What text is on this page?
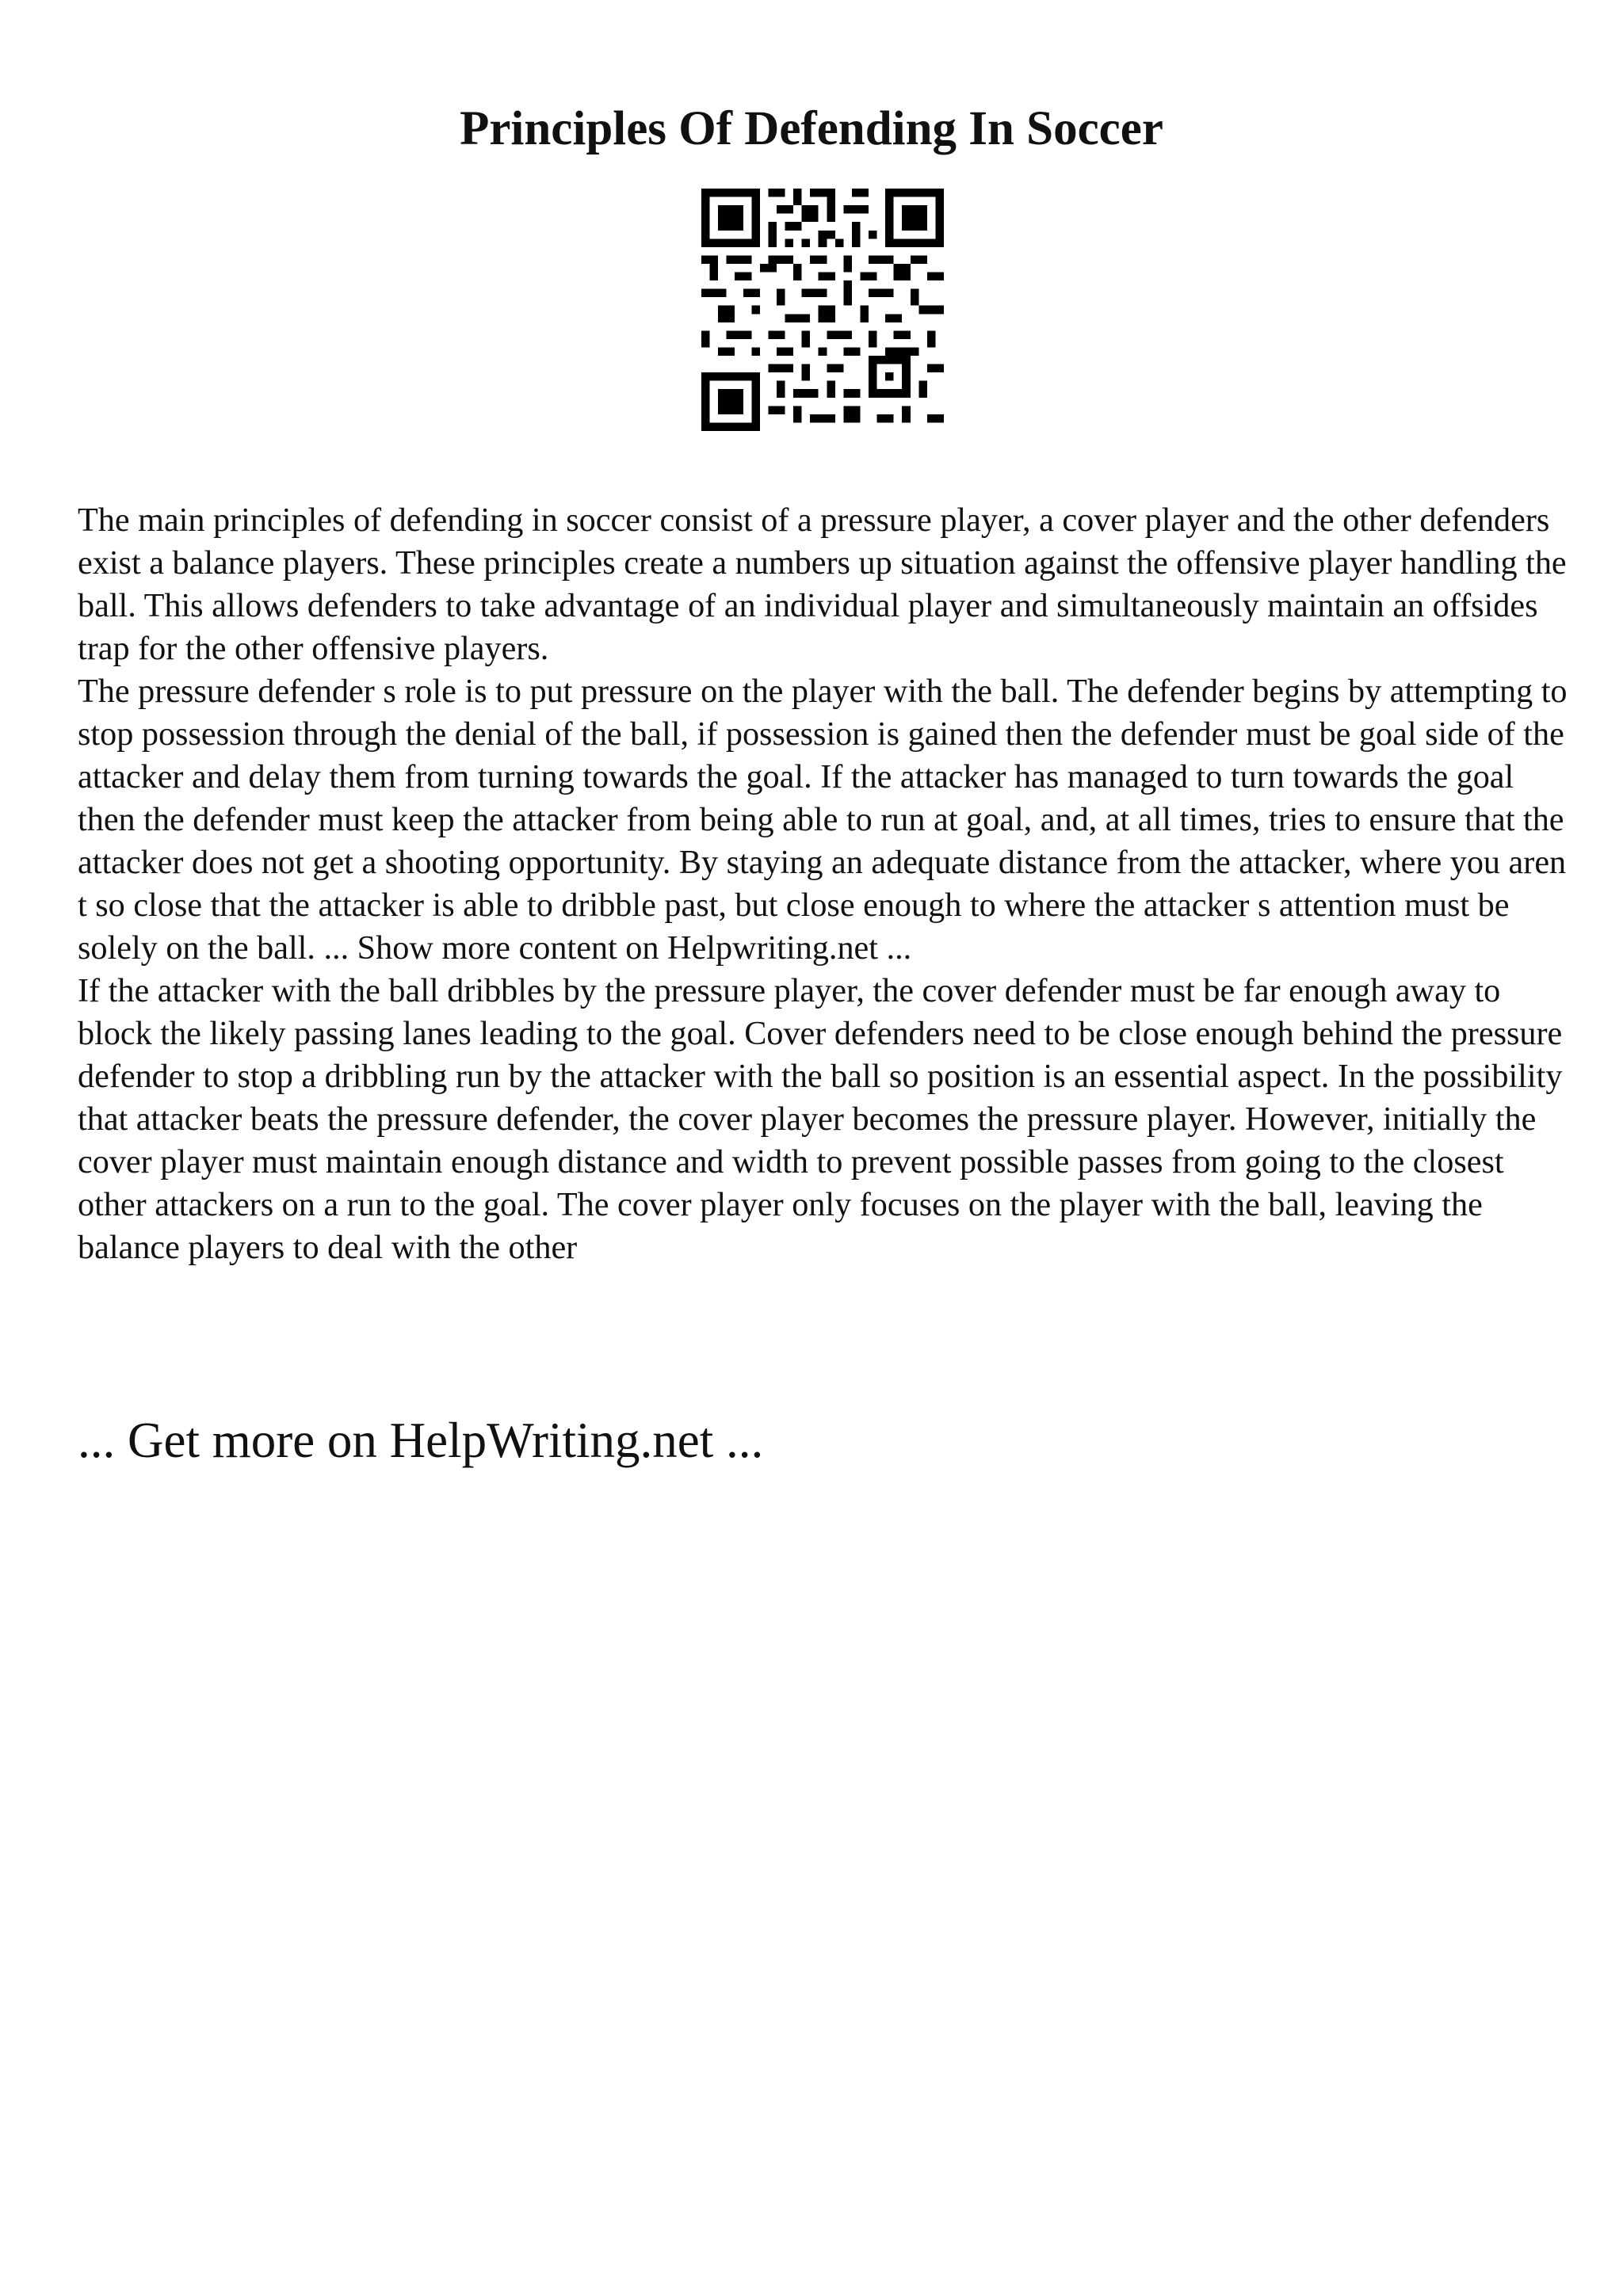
Principles Of Defending In Soccer

The main principles of defending in soccer consist of a pressure player, a cover player and the other defenders exist a balance players. These principles create a numbers up situation against the offensive player handling the ball. This allows defenders to take advantage of an individual player and simultaneously maintain an offsides trap for the other offensive players.

The pressure defender s role is to put pressure on the player with the ball. The defender begins by attempting to stop possession through the denial of the ball, if possession is gained then the defender must be goal side of the attacker and delay them from turning towards the goal. If the attacker has managed to turn towards the goal then the defender must keep the attacker from being able to run at goal, and, at all times, tries to ensure that the attacker does not get a shooting opportunity. By staying an adequate distance from the attacker, where you aren t so close that the attacker is able to dribble past, but close enough to where the attacker s attention must be solely on the ball. ... Show more content on Helpwriting.net ...

If the attacker with the ball dribbles by the pressure player, the cover defender must be far enough away to block the likely passing lanes leading to the goal. Cover defenders need to be close enough behind the pressure defender to stop a dribbling run by the attacker with the ball so position is an essential aspect. In the possibility that attacker beats the pressure defender, the cover player becomes the pressure player. However, initially the cover player must maintain enough distance and width to prevent possible passes from going to the closest other attackers on a run to the goal. The cover player only focuses on the player with the ball, leaving the balance players to deal with the other

... Get more on HelpWriting.net ...
